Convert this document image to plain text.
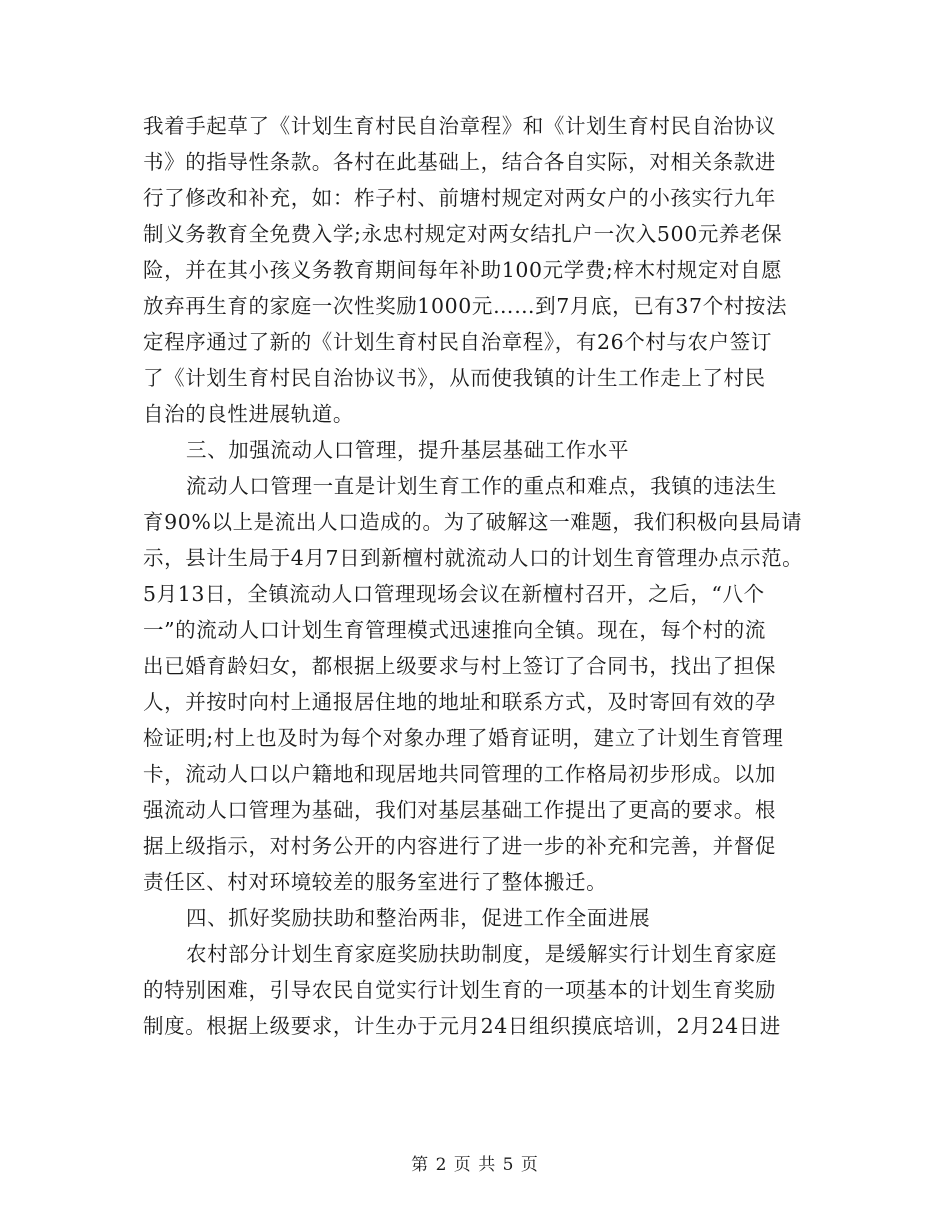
我着手起草了《计划生育村民自治章程》和《计划生育村民自治协议
书》的指导性条款。各村在此基础上，结合各自实际，对相关条款进
行了修改和补充，如：柞子村、前塘村规定对两女户的小孩实行九年
制义务教育全免费入学;永忠村规定对两女结扎户一次入500元养老保
险，并在其小孩义务教育期间每年补助100元学费;梓木村规定对自愿
放弃再生育的家庭一次性奖励1000元……到7月底，已有37个村按法
定程序通过了新的《计划生育村民自治章程》，有26个村与农户签订
了《计划生育村民自治协议书》，从而使我镇的计生工作走上了村民
自治的良性进展轨道。
三、加强流动人口管理，提升基层基础工作水平
流动人口管理一直是计划生育工作的重点和难点，我镇的违法生
育90%以上是流出人口造成的。为了破解这一难题，我们积极向县局请
示，县计生局于4月7日到新檀村就流动人口的计划生育管理办点示范。
5月13日，全镇流动人口管理现场会议在新檀村召开，之后，“八个
一”的流动人口计划生育管理模式迅速推向全镇。现在，每个村的流
出已婚育龄妇女，都根据上级要求与村上签订了合同书，找出了担保
人，并按时向村上通报居住地的地址和联系方式，及时寄回有效的孕
检证明;村上也及时为每个对象办理了婚育证明，建立了计划生育管理
卡，流动人口以户籍地和现居地共同管理的工作格局初步形成。以加
强流动人口管理为基础，我们对基层基础工作提出了更高的要求。根
据上级指示，对村务公开的内容进行了进一步的补充和完善，并督促
责任区、村对环境较差的服务室进行了整体搬迁。
四、抓好奖励扶助和整治两非，促进工作全面进展
农村部分计划生育家庭奖励扶助制度，是缓解实行计划生育家庭
的特别困难，引导农民自觉实行计划生育的一项基本的计划生育奖励
制度。根据上级要求，计生办于元月24日组织摸底培训，2月24日进
第 2 页 共 5 页
